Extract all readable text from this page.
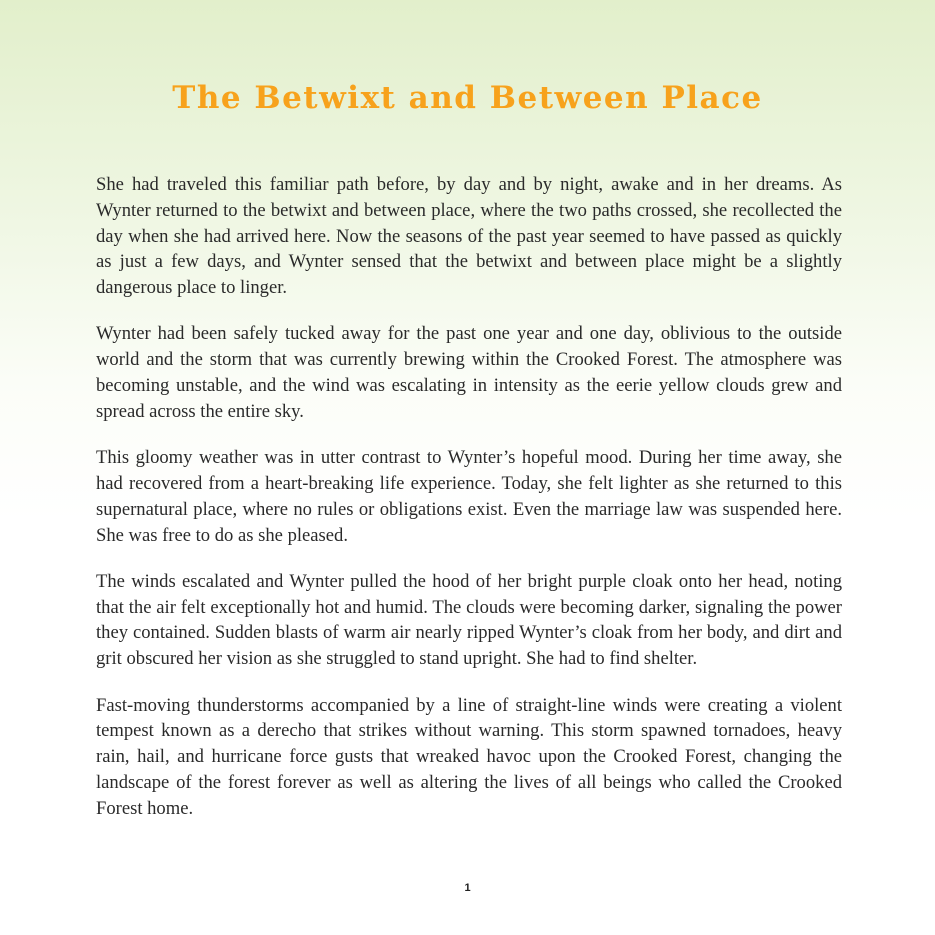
The Betwixt and Between Place

She had traveled this familiar path before, by day and by night, awake and in her dreams. As Wynter returned to the betwixt and between place, where the two paths crossed, she recollected the day when she had arrived here. Now the seasons of the past year seemed to have passed as quickly as just a few days, and Wynter sensed that the betwixt and between place might be a slightly dangerous place to linger.

Wynter had been safely tucked away for the past one year and one day, oblivious to the outside world and the storm that was currently brewing within the Crooked Forest. The atmosphere was becoming unstable, and the wind was escalating in intensity as the eerie yellow clouds grew and spread across the entire sky.

This gloomy weather was in utter contrast to Wynter’s hopeful mood. During her time away, she had recovered from a heart-breaking life experience. Today, she felt lighter as she returned to this supernatural place, where no rules or obligations exist. Even the marriage law was suspended here. She was free to do as she pleased.

The winds escalated and Wynter pulled the hood of her bright purple cloak onto her head, noting that the air felt exceptionally hot and humid. The clouds were becoming darker, signaling the power they contained. Sudden blasts of warm air nearly ripped Wynter’s cloak from her body, and dirt and grit obscured her vision as she struggled to stand upright. She had to find shelter.

Fast-moving thunderstorms accompanied by a line of straight-line winds were creating a violent tempest known as a derecho that strikes without warning. This storm spawned tornadoes, heavy rain, hail, and hurricane force gusts that wreaked havoc upon the Crooked Forest, changing the landscape of the forest forever as well as altering the lives of all beings who called the Crooked Forest home.

1
